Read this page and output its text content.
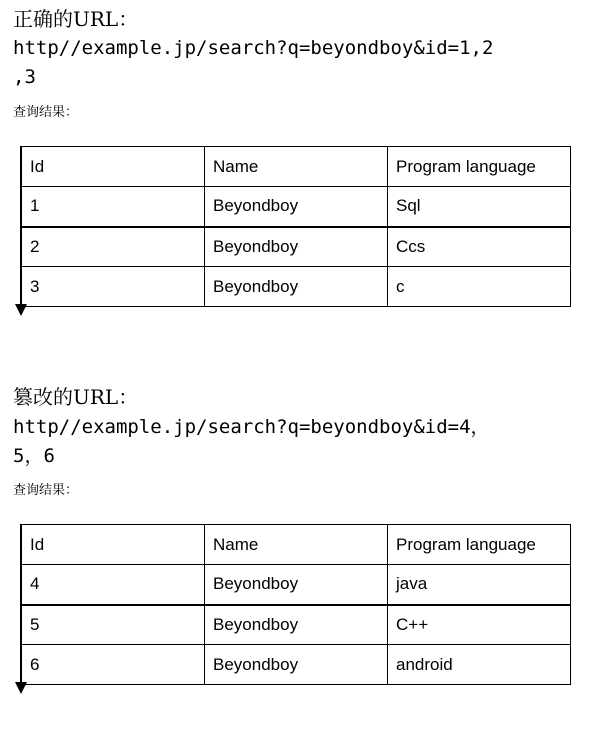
正确的URL：
http//example.jp/search?q=beyondboy&id=1,2
,3
查询结果：
Id	Name	Program language
1	Beyondboy	Sql
2	Beyondboy	Ccs
3	Beyondboy	c
篡改的URL：
http//example.jp/search?q=beyondboy&id=4，
5，6
查询结果：
Id	Name	Program language
4	Beyondboy	java
5	Beyondboy	C++
6	Beyondboy	android
